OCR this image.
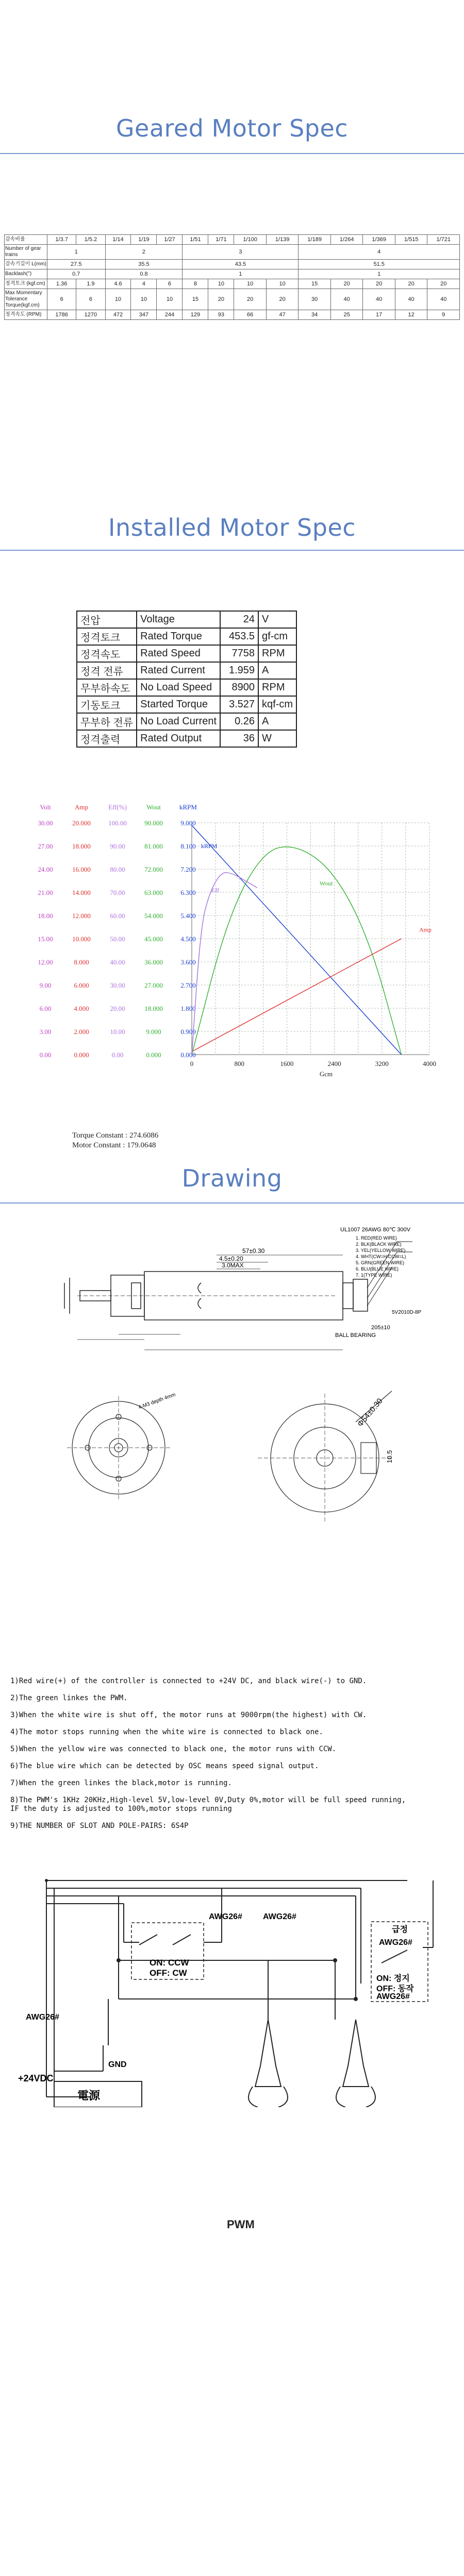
Geared Motor Spec
감속비율	1/3.7	1/5.2	1/14	1/19	1/27	1/51	1/71	1/100	1/139	1/189	1/264	1/369	1/515	1/721
Number of gear trains	1		2			3				4				
감속기길이 L(mm)	27.5		35.5			43.5				51.5				
Backlash(°)	0.7		0.8			1				1				
정격토크 (kgf.cm)	1.36	1.9	4.6	4	6	8	10	10	10	15	20	20	20	20
Max Momentary Tolerance Torque(kgf.cm)	6	6	10	10	10	15	20	20	20	30	40	40	40	40
정격속도 (RPM)	1786	1270	472	347	244	129	93	66	47	34	25	17	12	9
Installed Motor Spec
전압	Voltage	24	V
정격토크	Rated Torque	453.5	gf-cm
정격속도	Rated Speed	7758	RPM
정격 전류	Rated Current	1.959	A
무부하속도	No Load Speed	8900	RPM
기동토크	Started Torque	3.527	kqf-cm
무부하 전류	No Load Current	0.26	A
정격출력	Rated Output	36	W
Volt
30.00
27.00
24.00
21.00
18.00
15.00
12.00
9.00
6.00
3.00
0.00
Amp
20.000
18.000
16.000
14.000
12.000
10.000
8.000
6.000
4.000
2.000
0.000
Eff(%)
100.00
90.00
80.00
70.00
60.00
50.00
40.00
30.00
20.00
10.00
0.00
Wout
90.000
81.000
72.000
63.000
54.000
45.000
36.000
27.000
18.000
9.000
0.000
kRPM
9.000
8.100
7.200
6.300
5.400
4.500
3.600
2.700
1.800
0.900
0.000
0	800	1600	2400	3200	4000
Gcm
kRPM
Wout
Amp
Eff
Torque Constant : 274.6086
Motor Constant : 179.0648
Drawing
57±0.30
4.5±0.20
3.0MAX
UL1007 26AWG 80℃ 300V
1. RED(RED WIRE)
2. BLK(BLACK WIRE)
3. YEL(YELLOW WIRE)
4. WHT(CW=H/CCW=L)
5. GRN(GREEN WIRE)
6. BLU(BLUE WIRE)
7. 1(TYPE WIRE)
5V2010D-8P
205±10
BALL BEARING
4-M3 depth 4mm	Φ54±0.30
10.5
1)Red wire(+) of the controller is connected to +24V DC, and black wire(-) to GND.
2)The green linkes the PWM.
3)When the white wire is shut off, the motor runs at 9000rpm(the highest) with CW.
4)The motor stops running when the white wire is connected to black one.
5)When the yellow wire was connected to black one, the motor runs with CCW.
6)The blue wire which can be detected by OSC means speed signal output.
7)When the green linkes the black,motor is running.
8)The PWM's 1KHz 20KHz,High-level 5V,low-level 0V,Duty 0%,motor will be full speed running,
IF the duty is adjusted to 100%,motor stops running
9)THE NUMBER OF SLOT AND POLE-PAIRS: 6S4P
AWG26#	AWG26#
AWG26#
AWG26#
AWG26#
ON: CCW
OFF: CW
급정
ON: 정지
OFF: 동작
+24VDC
GND
電源
PWM
